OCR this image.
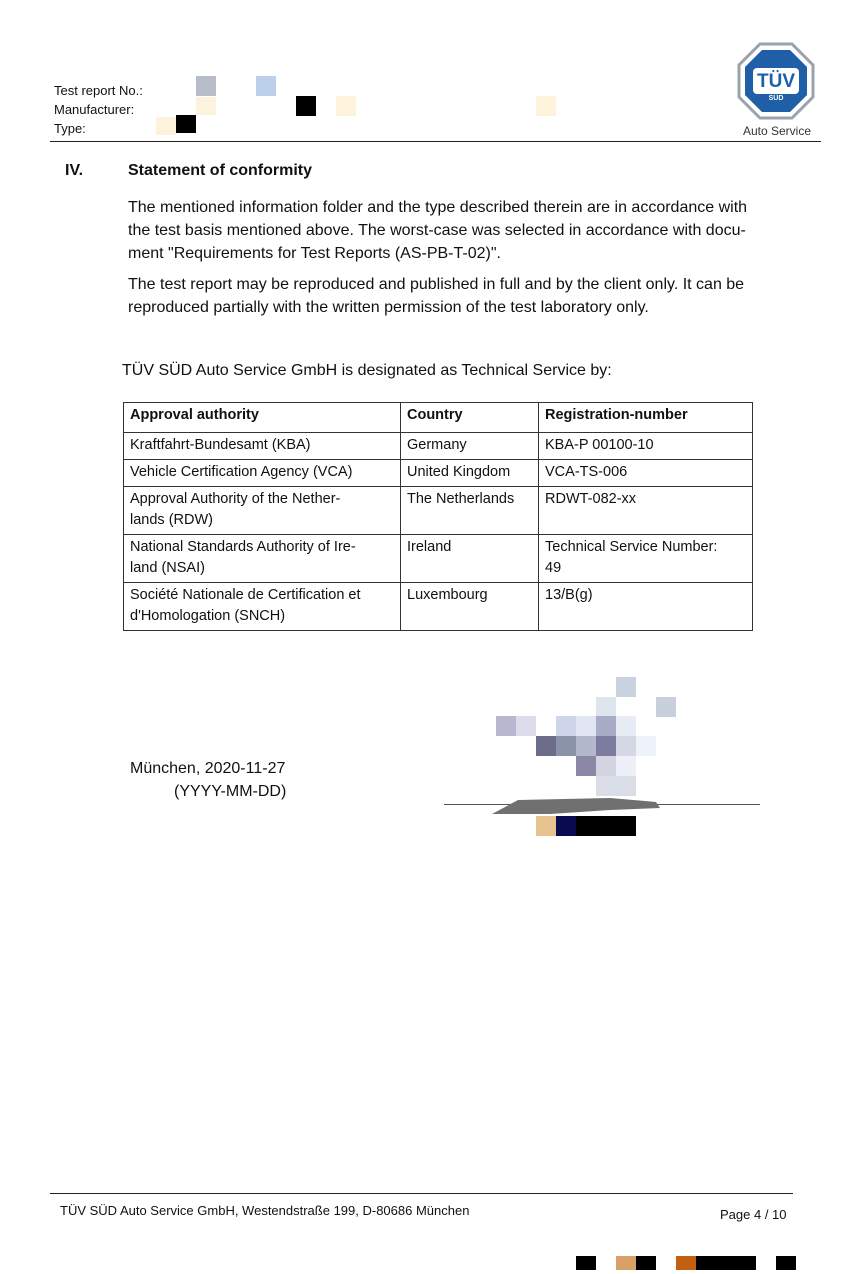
Test report No.:
Manufacturer:
Type:
TÜV
SÜD
Auto Service
IV.	Statement of conformity
The mentioned information folder and the type described therein are in accordance with
the test basis mentioned above. The worst-case was selected in accordance with docu-
ment "Requirements for Test Reports (AS-PB-T-02)".
The test report may be reproduced and published in full and by the client only. It can be
reproduced partially with the written permission of the test laboratory only.
TÜV SÜD Auto Service GmbH is designated as Technical Service by:
Approval authority	Country	Registration-number

Kraftfahrt-Bundesamt (KBA)	Germany	KBA-P 00100-10

Vehicle Certification Agency (VCA)	United Kingdom	VCA-TS-006

Approval Authority of the Nether-
lands (RDW)	The Netherlands	RDWT-082-xx

National Standards Authority of Ire-
land (NSAI)	Ireland	Technical Service Number:
49

Société Nationale de Certification et
d'Homologation (SNCH)	Luxembourg	13/B(g)
München, 2020-11-27
(YYYY-MM-DD)
TÜV SÜD Auto Service GmbH, Westendstraße 199, D-80686 München	Page 4 / 10
